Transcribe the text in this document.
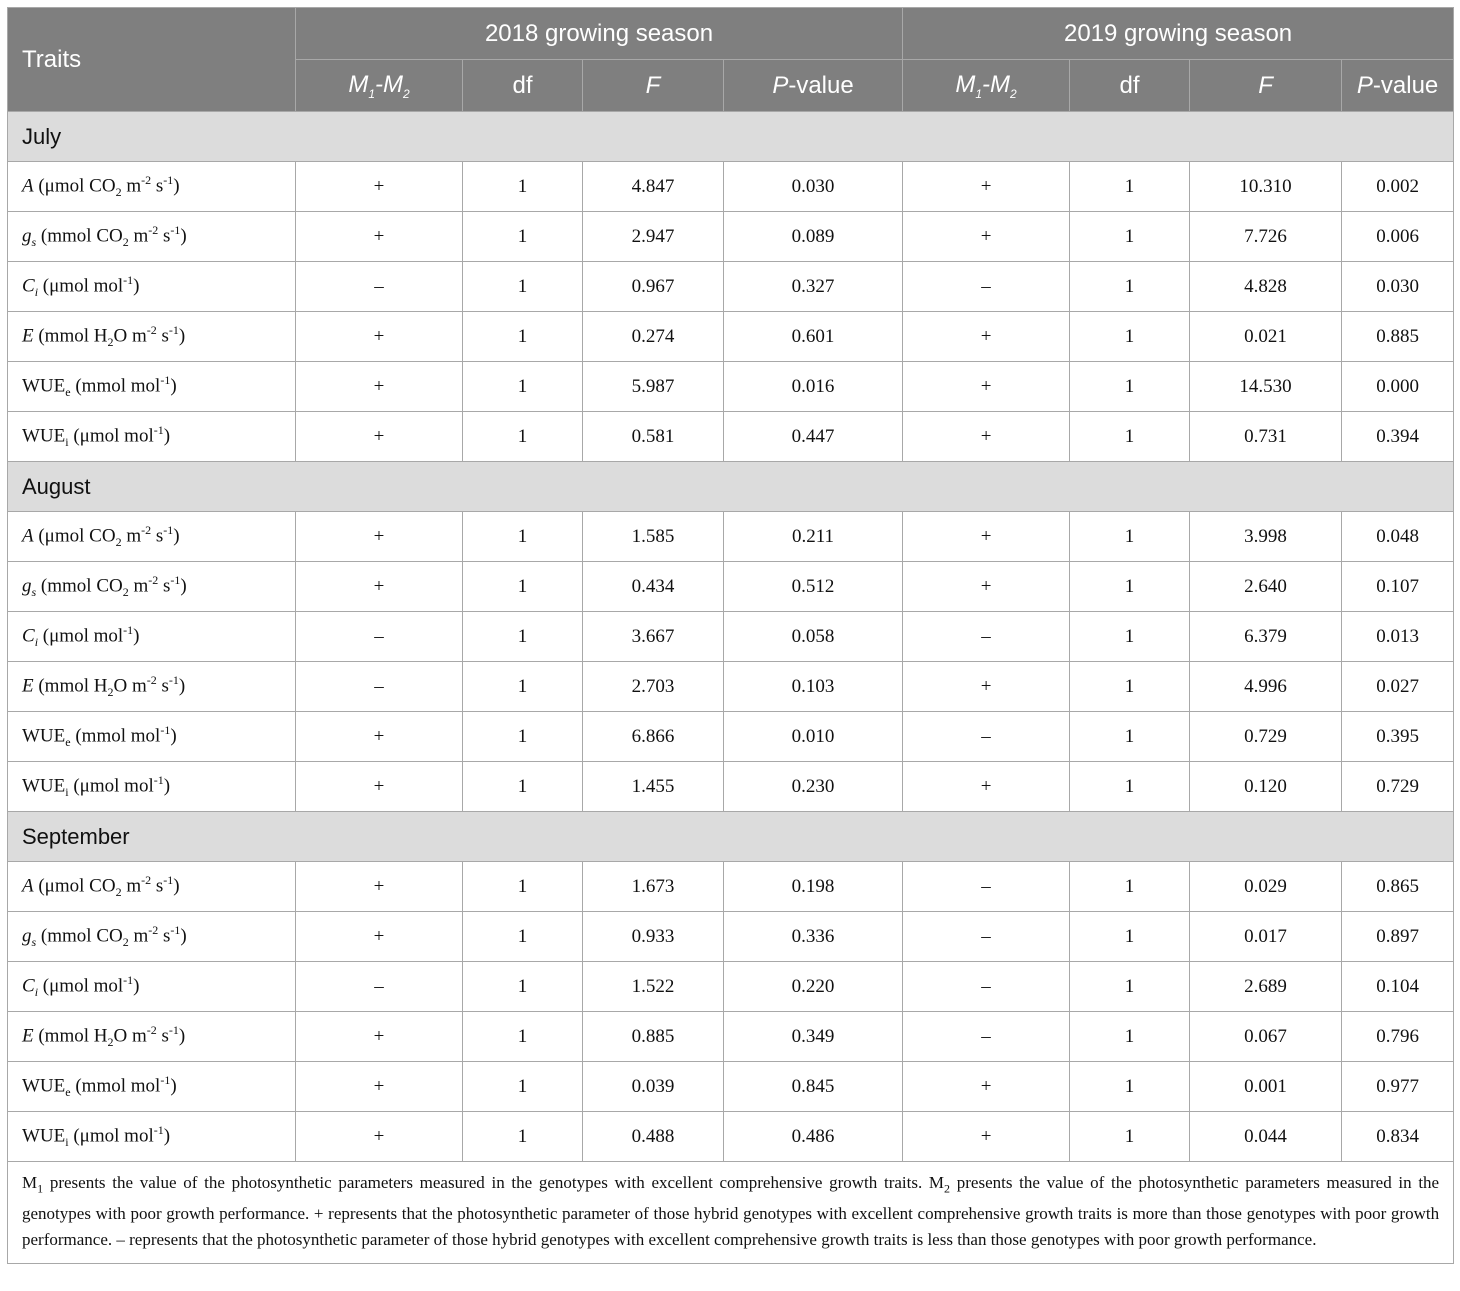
Traits	2018 growing season				2019 growing season			
	$M_1-M_2$	df	F	P-value	$M_1-M_2$	df	F	P-value
July								
A (μmol $CO_2$ $m^{-2}$ $s^{-1}$)	+	1	4.847	0.030	+	1	10.310	0.002
$g_s$ (mmol $CO_2$ $m^{-2}$ $s^{-1}$)	+	1	2.947	0.089	+	1	7.726	0.006
$C_i$ (μmol mol$^{-1}$)	–	1	0.967	0.327	–	1	4.828	0.030
E (mmol $H_2O$ $m^{-2}$ $s^{-1}$)	+	1	0.274	0.601	+	1	0.021	0.885
$WUE_e$ (mmol mol$^{-1}$)	+	1	5.987	0.016	+	1	14.530	0.000
$WUE_i$ (μmol mol$^{-1}$)	+	1	0.581	0.447	+	1	0.731	0.394
August								
A (μmol $CO_2$ $m^{-2}$ $s^{-1}$)	+	1	1.585	0.211	+	1	3.998	0.048
$g_s$ (mmol $CO_2$ $m^{-2}$ $s^{-1}$)	+	1	0.434	0.512	+	1	2.640	0.107
$C_i$ (μmol mol$^{-1}$)	–	1	3.667	0.058	–	1	6.379	0.013
E (mmol $H_2O$ $m^{-2}$ $s^{-1}$)	–	1	2.703	0.103	+	1	4.996	0.027
$WUE_e$ (mmol mol$^{-1}$)	+	1	6.866	0.010	–	1	0.729	0.395
$WUE_i$ (μmol mol$^{-1}$)	+	1	1.455	0.230	+	1	0.120	0.729
September								
A (μmol $CO_2$ $m^{-2}$ $s^{-1}$)	+	1	1.673	0.198	–	1	0.029	0.865
$g_s$ (mmol $CO_2$ $m^{-2}$ $s^{-1}$)	+	1	0.933	0.336	–	1	0.017	0.897
$C_i$ (μmol mol$^{-1}$)	–	1	1.522	0.220	–	1	2.689	0.104
E (mmol $H_2O$ $m^{-2}$ $s^{-1}$)	+	1	0.885	0.349	–	1	0.067	0.796
$WUE_e$ (mmol mol$^{-1}$)	+	1	0.039	0.845	+	1	0.001	0.977
$WUE_i$ (μmol mol$^{-1}$)	+	1	0.488	0.486	+	1	0.044	0.834
$M_1$ presents the value of the photosynthetic parameters measured in the genotypes with excellent comprehensive growth traits. $M_2$ presents the value of the photosynthetic parameters measured in the genotypes with poor growth performance. + represents that the photosynthetic parameter of those hybrid genotypes with excellent comprehensive growth traits is more than those genotypes with poor growth performance. – represents that the photosynthetic parameter of those hybrid genotypes with excellent comprehensive growth traits is less than those genotypes with poor growth performance.								
